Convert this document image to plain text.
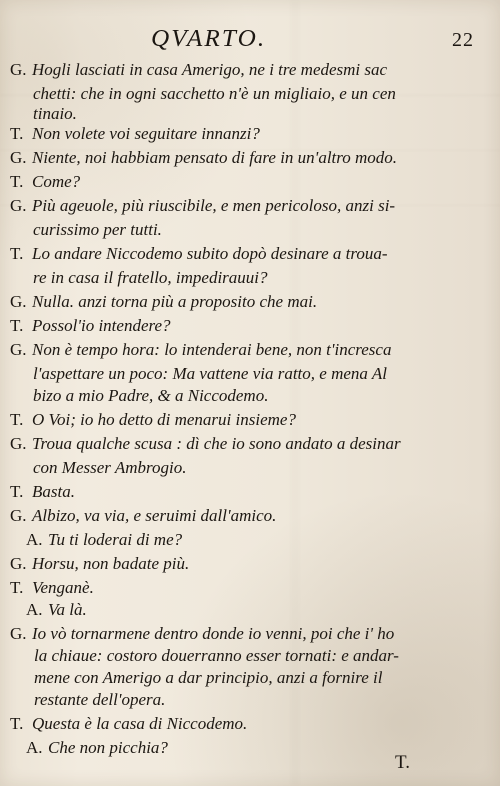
QVARTO.	22
G. Hogli lasciati in casa Amerigo, ne i tre medesmi sac
chetti: che in ogni sacchetto n'è un migliaio, e un cen
tinaio.
T. Non volete voi seguitare innanzi?
G. Niente, noi habbiam pensato di fare in un'altro modo.
T. Come?
G. Più ageuole, più riuscibile, e men pericoloso, anzi si-
curissimo per tutti.
T. Lo andare Niccodemo subito dopò desinare a troua-
re in casa il fratello, impedirauui?
G. Nulla. anzi torna più a proposito che mai.
T. Possol'io intendere?
G. Non è tempo hora: lo intenderai bene, non t'incresca
l'aspettare un poco: Ma vattene via ratto, e mena Al
bizo a mio Padre, & a Niccodemo.
T. O Voi; io ho detto di menarui insieme?
G. Troua qualche scusa : dì che io sono andato a desinar
con Messer Ambrogio.
T. Basta.
G. Albizo, va via, e seruimi dall'amico.
A. Tu ti loderai di me?
G. Horsu, non badate più.
T. Venganè.
A. Va là.
G. Io vò tornarmene dentro donde io venni, poi che i' ho
la chiaue: costoro douerranno esser tornati: e andar-
mene con Amerigo a dar principio, anzi a fornire il
restante dell'opera.
T. Questa è la casa di Niccodemo.
A. Che non picchia?
T.
